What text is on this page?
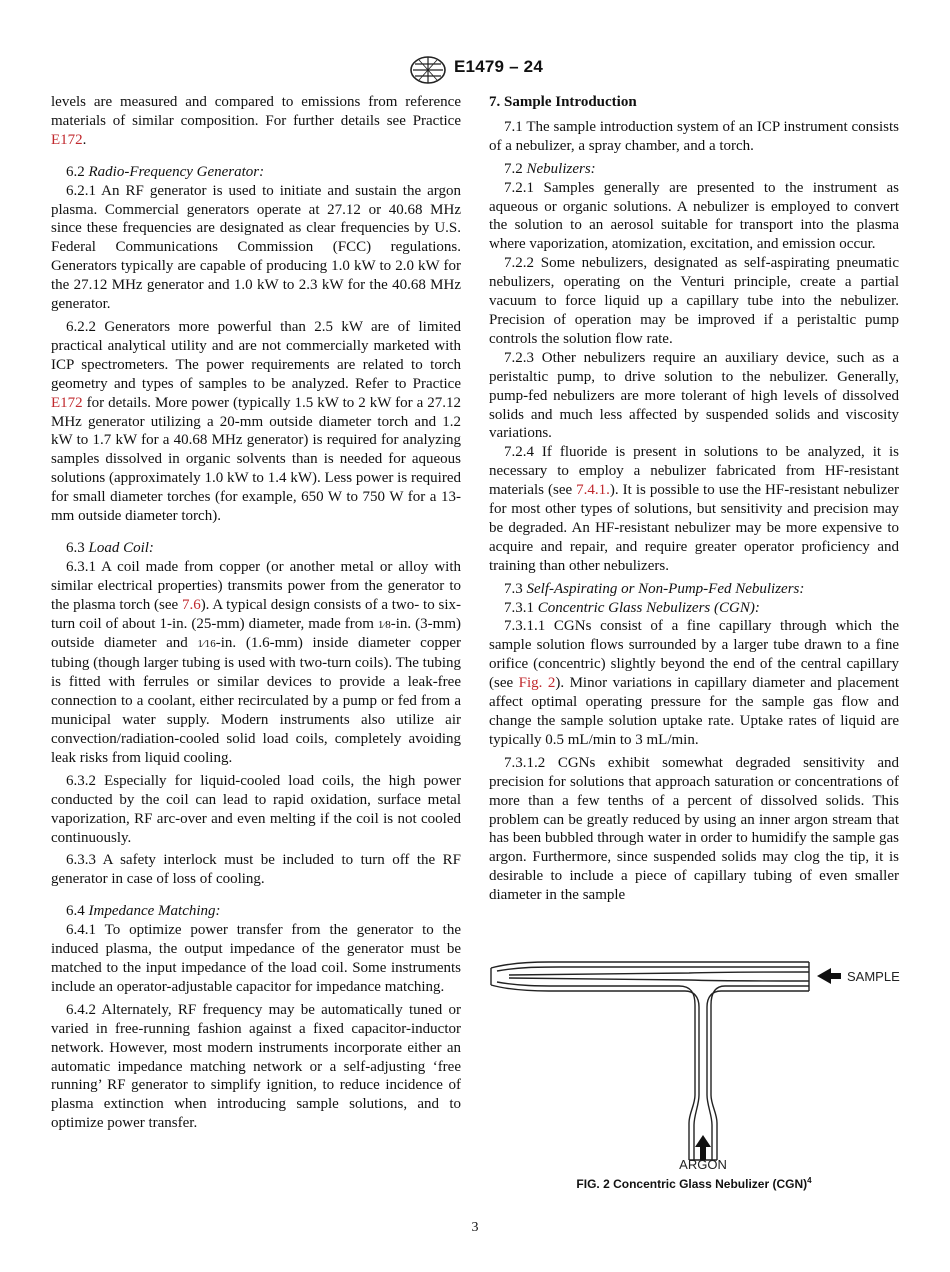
E1479 – 24

levels are measured and compared to emissions from reference materials of similar composition. For further details see Practice E172.

6.2 Radio-Frequency Generator:

6.2.1 An RF generator is used to initiate and sustain the argon plasma. Commercial generators operate at 27.12 or 40.68 MHz since these frequencies are designated as clear frequencies by U.S. Federal Communications Commission (FCC) regulations. Generators typically are capable of producing 1.0 kW to 2.0 kW for the 27.12 MHz generator and 1.0 kW to 2.3 kW for the 40.68 MHz generator.

6.2.2 Generators more powerful than 2.5 kW are of limited practical analytical utility and are not commercially marketed with ICP spectrometers. The power requirements are related to torch geometry and types of samples to be analyzed. Refer to Practice E172 for details. More power (typically 1.5 kW to 2 kW for a 27.12 MHz generator utilizing a 20-mm outside diameter torch and 1.2 kW to 1.7 kW for a 40.68 MHz generator) is required for analyzing samples dissolved in organic solvents than is needed for aqueous solutions (approximately 1.0 kW to 1.4 kW). Less power is required for small diameter torches (for example, 650 W to 750 W for a 13-mm outside diameter torch).

6.3 Load Coil:

6.3.1 A coil made from copper (or another metal or alloy with similar electrical properties) transmits power from the generator to the plasma torch (see 7.6). A typical design consists of a two- to six-turn coil of about 1-in. (25-mm) diameter, made from 1⁄8-in. (3-mm) outside diameter and 1⁄16-in. (1.6-mm) inside diameter copper tubing (though larger tubing is used with two-turn coils). The tubing is fitted with ferrules or similar devices to provide a leak-free connection to a coolant, either recirculated by a pump or fed from a municipal water supply. Modern instruments also utilize air convection/radiation-cooled solid load coils, completely avoiding leak risks from liquid cooling.

6.3.2 Especially for liquid-cooled load coils, the high power conducted by the coil can lead to rapid oxidation, surface metal vaporization, RF arc-over and even melting if the coil is not cooled continuously.

6.3.3 A safety interlock must be included to turn off the RF generator in case of loss of cooling.

6.4 Impedance Matching:

6.4.1 To optimize power transfer from the generator to the induced plasma, the output impedance of the generator must be matched to the input impedance of the load coil. Some instruments include an operator-adjustable capacitor for impedance matching.

6.4.2 Alternately, RF frequency may be automatically tuned or varied in free-running fashion against a fixed capacitor-inductor network. However, most modern instruments incorporate either an automatic impedance matching network or a self-adjusting ‘free running’ RF generator to simplify ignition, to reduce incidence of plasma extinction when introducing sample solutions, and to optimize power transfer.

7. Sample Introduction

7.1 The sample introduction system of an ICP instrument consists of a nebulizer, a spray chamber, and a torch.

7.2 Nebulizers:

7.2.1 Samples generally are presented to the instrument as aqueous or organic solutions. A nebulizer is employed to convert the solution to an aerosol suitable for transport into the plasma where vaporization, atomization, excitation, and emission occur.

7.2.2 Some nebulizers, designated as self-aspirating pneumatic nebulizers, operating on the Venturi principle, create a partial vacuum to force liquid up a capillary tube into the nebulizer. Precision of operation may be improved if a peristaltic pump controls the solution flow rate.

7.2.3 Other nebulizers require an auxiliary device, such as a peristaltic pump, to drive solution to the nebulizer. Generally, pump-fed nebulizers are more tolerant of high levels of dissolved solids and much less affected by suspended solids and viscosity variations.

7.2.4 If fluoride is present in solutions to be analyzed, it is necessary to employ a nebulizer fabricated from HF-resistant materials (see 7.4.1.). It is possible to use the HF-resistant nebulizer for most other types of solutions, but sensitivity and precision may be degraded. An HF-resistant nebulizer may be more expensive to acquire and repair, and require greater operator proficiency and training than other nebulizers.

7.3 Self-Aspirating or Non-Pump-Fed Nebulizers:

7.3.1 Concentric Glass Nebulizers (CGN):

7.3.1.1 CGNs consist of a fine capillary through which the sample solution flows surrounded by a larger tube drawn to a fine orifice (concentric) slightly beyond the end of the central capillary (see Fig. 2). Minor variations in capillary diameter and placement affect optimal operating pressure for the sample gas flow and change the sample solution uptake rate. Uptake rates of liquid are typically 0.5 mL/min to 3 mL/min.

7.3.1.2 CGNs exhibit somewhat degraded sensitivity and precision for solutions that approach saturation or concentrations of more than a few tenths of a percent of dissolved solids. This problem can be greatly reduced by using an inner argon stream that has been bubbled through water in order to humidify the sample gas argon. Furthermore, since suspended solids may clog the tip, it is desirable to include a piece of capillary tubing of even smaller diameter in the sample

SAMPLE
ARGON
FIG. 2 Concentric Glass Nebulizer (CGN)$^4$
3
